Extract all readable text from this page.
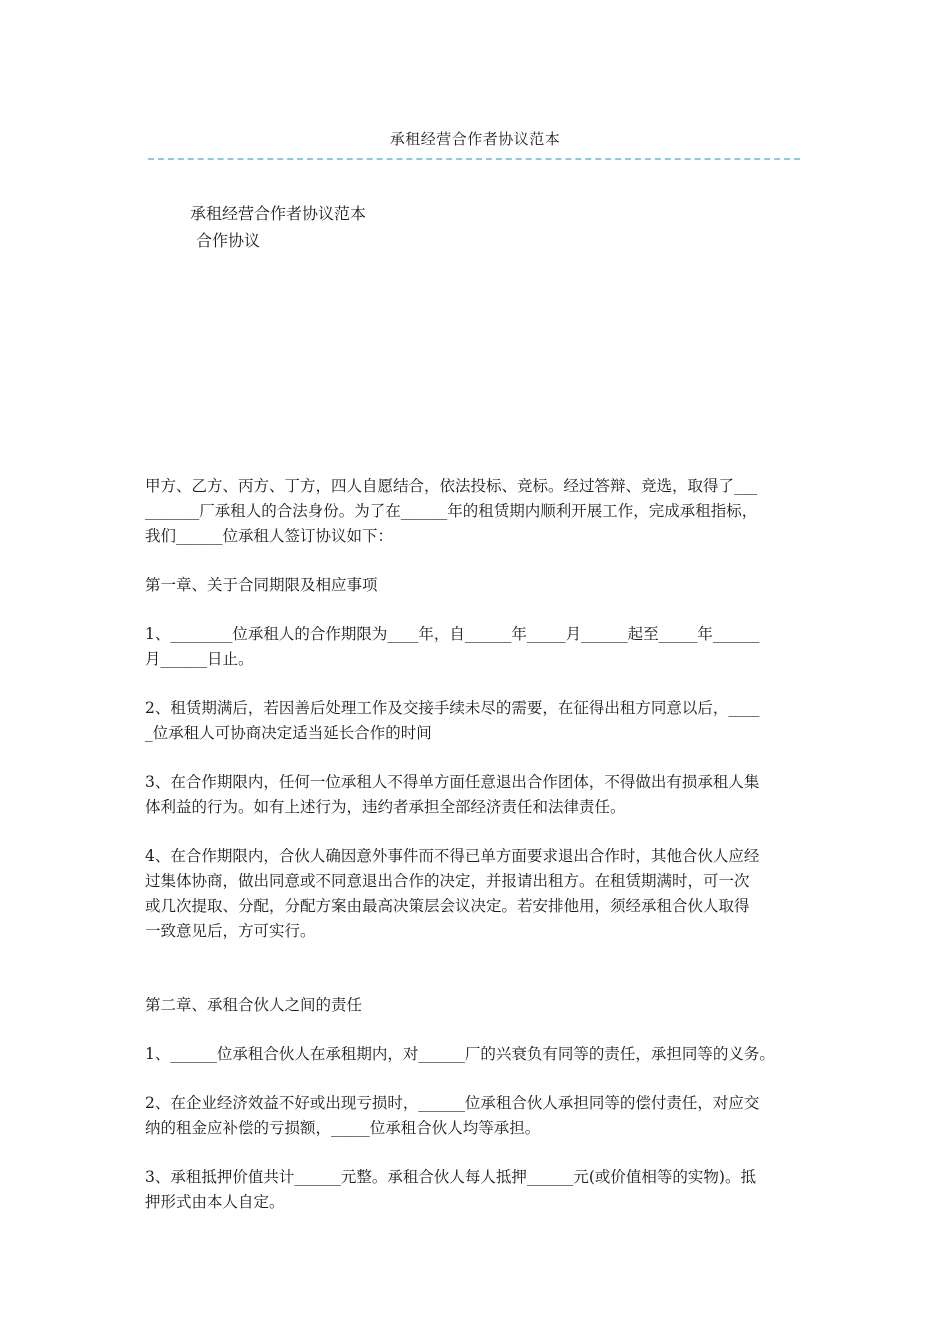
承租经营合作者协议范本
承租经营合作者协议范本
合作协议

甲方、乙方、丙方、丁方，四人自愿结合，依法投标、竞标。经过答辩、竞选，取得了___

_______厂承租人的合法身份。为了在______年的租赁期内顺利开展工作，完成承租指标，

我们______位承租人签订协议如下：

第一章、关于合同期限及相应事项

1、________位承租人的合作期限为____年，自______年_____月______起至_____年______

月______日止。

2、租赁期满后，若因善后处理工作及交接手续未尽的需要，在征得出租方同意以后，____

_位承租人可协商决定适当延长合作的时间

3、在合作期限内，任何一位承租人不得单方面任意退出合作团体，不得做出有损承租人集

体利益的行为。如有上述行为，违约者承担全部经济责任和法律责任。

4、在合作期限内，合伙人确因意外事件而不得已单方面要求退出合作时，其他合伙人应经

过集体协商，做出同意或不同意退出合作的决定，并报请出租方。在租赁期满时，可一次

或几次提取、分配，分配方案由最高决策层会议决定。若安排他用，须经承租合伙人取得

一致意见后，方可实行。

第二章、承租合伙人之间的责任

1、______位承租合伙人在承租期内，对______厂的兴衰负有同等的责任，承担同等的义务。

2、在企业经济效益不好或出现亏损时，______位承租合伙人承担同等的偿付责任，对应交

纳的租金应补偿的亏损额，_____位承租合伙人均等承担。

3、承租抵押价值共计______元整。承租合伙人每人抵押______元(或价值相等的实物)。抵

押形式由本人自定。
